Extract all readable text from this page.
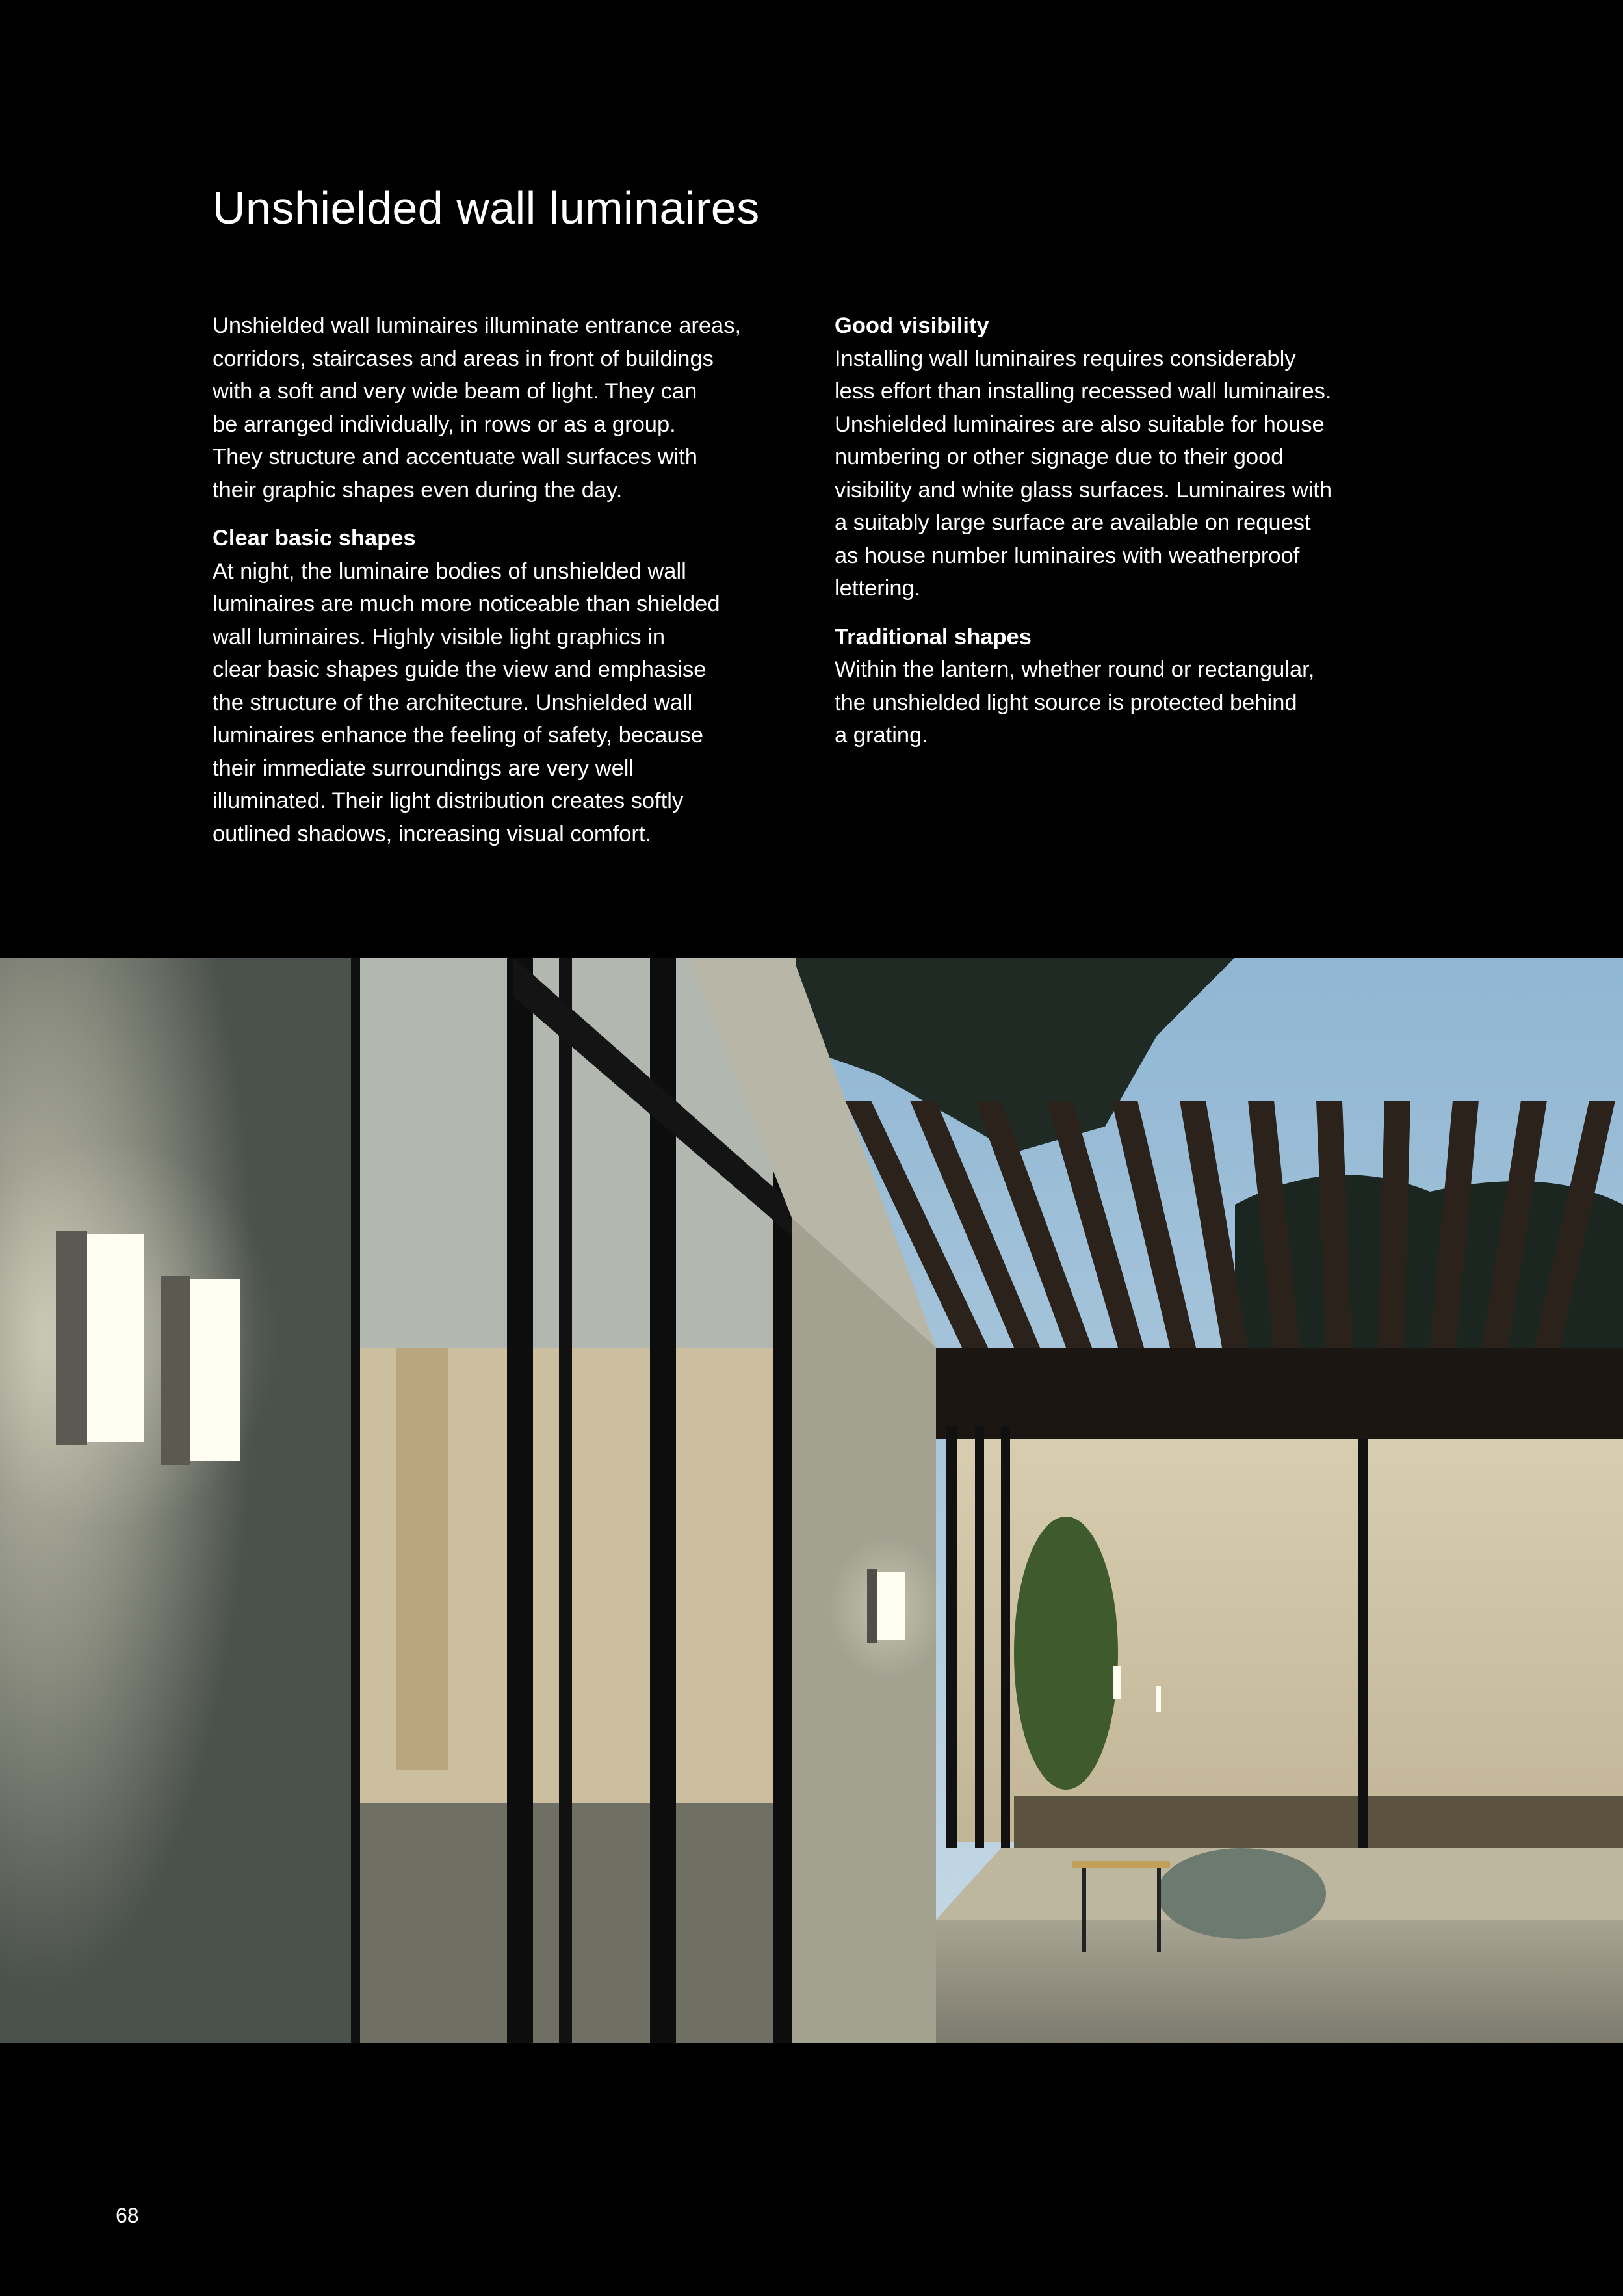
Unshielded wall luminaires

Unshielded wall luminaires illuminate entrance areas,
corridors, staircases and areas in front of buildings
with a soft and very wide beam of light. They can
be arranged individually, in rows or as a group.
They structure and accentuate wall surfaces with
their graphic shapes even during the day.

Clear basic shapes

At night, the luminaire bodies of unshielded wall
luminaires are much more noticeable than shielded
wall luminaires. Highly visible light graphics in
clear basic shapes guide the view and emphasise
the structure of the architecture. Unshielded wall
luminaires enhance the feeling of safety, because
their immediate surroundings are very well
illuminated. Their light distribution creates softly
outlined shadows, increasing visual comfort.

Good visibility

Installing wall luminaires requires considerably
less effort than installing recessed wall luminaires.
Unshielded luminaires are also suitable for house
numbering or other signage due to their good
visibility and white glass surfaces. Luminaires with
a suitably large surface are available on request
as house number luminaires with weatherproof
lettering.

Traditional shapes

Within the lantern, whether round or rectangular,
the unshielded light source is protected behind
a grating.

68
